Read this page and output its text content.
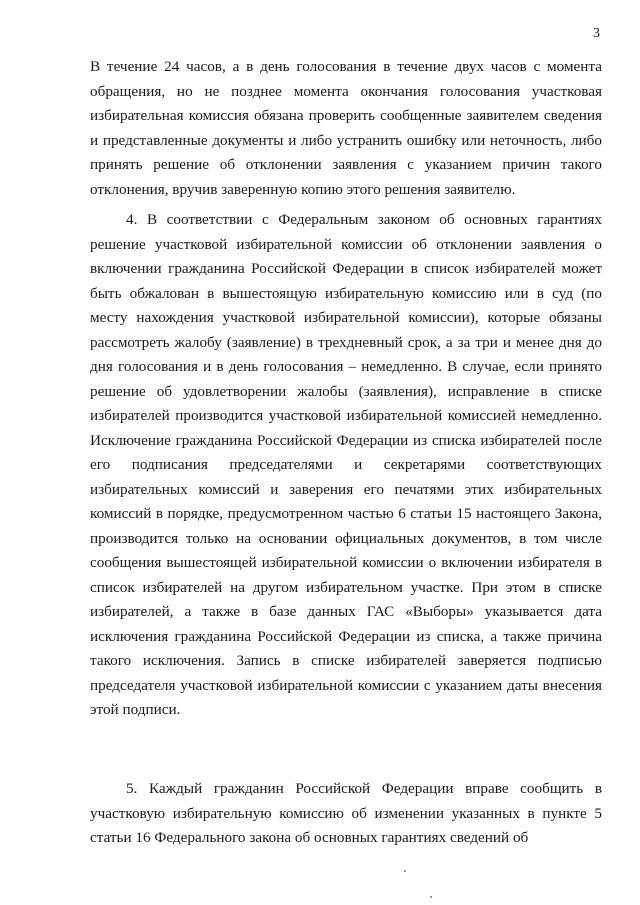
3

В течение 24 часов, а в день голосования в течение двух часов с момента обращения, но не позднее момента окончания голосования участковая избирательная комиссия обязана проверить сообщенные заявителем сведения и представленные документы и либо устранить ошибку или неточность, либо принять решение об отклонении заявления с указанием причин такого отклонения, вручив заверенную копию этого решения заявителю.

4. В соответствии с Федеральным законом об основных гарантиях решение участковой избирательной комиссии об отклонении заявления о включении гражданина Российской Федерации в список избирателей может быть обжалован в вышестоящую избирательную комиссию или в суд (по месту нахождения участковой избирательной комиссии), которые обязаны рассмотреть жалобу (заявление) в трехдневный срок, а за три и менее дня до дня голосования и в день голосования – немедленно. В случае, если принято решение об удовлетворении жалобы (заявления), исправление в списке избирателей производится участковой избирательной комиссией немедленно. Исключение гражданина Российской Федерации из списка избирателей после его подписания председателями и секретарями соответствующих избирательных комиссий и заверения его печатями этих избирательных комиссий в порядке, предусмотренном частью 6 статьи 15 настоящего Закона, производится только на основании официальных документов, в том числе сообщения вышестоящей избирательной комиссии о включении избирателя в список избирателей на другом избирательном участке. При этом в списке избирателей, а также в базе данных ГАС «Выборы» указывается дата исключения гражданина Российской Федерации из списка, а также причина такого исключения. Запись в списке избирателей заверяется подписью председателя участковой избирательной комиссии с указанием даты внесения этой подписи.

5. Каждый гражданин Российской Федерации вправе сообщить в участковую избирательную комиссию об изменении указанных в пункте 5 статьи 16 Федерального закона об основных гарантиях сведений об
